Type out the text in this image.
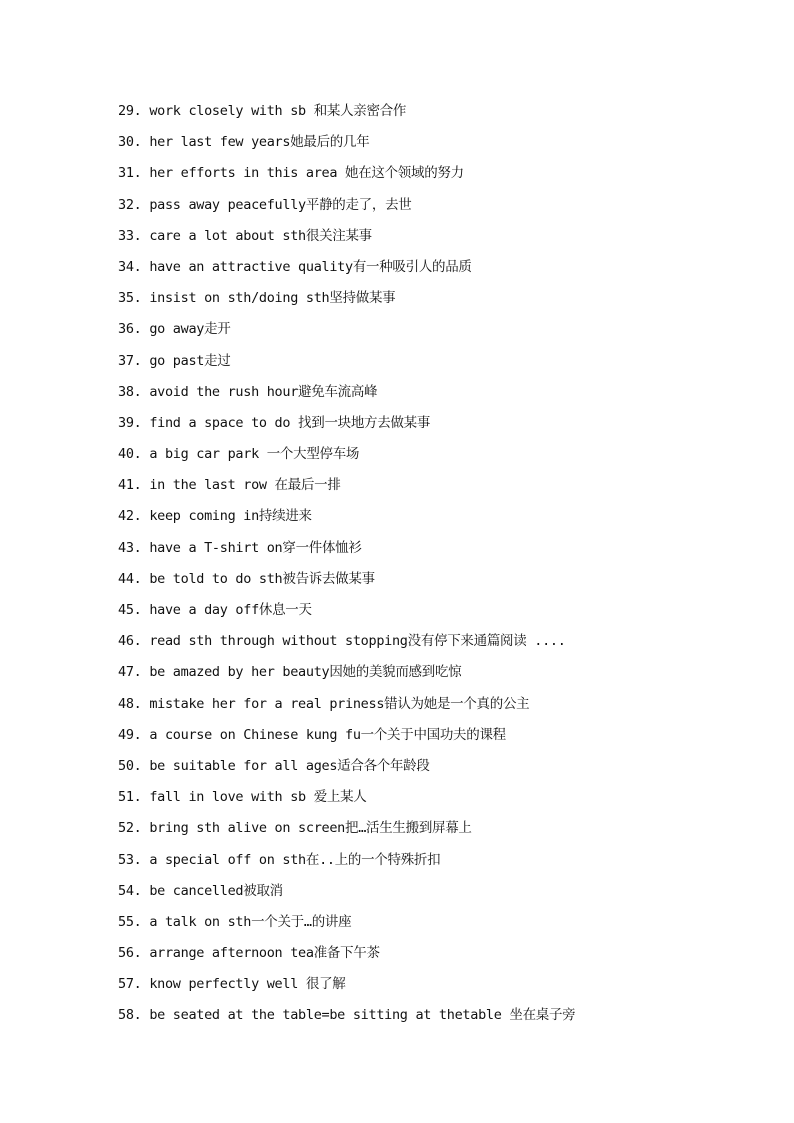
29. work closely with sb 和某人亲密合作
30. her last few years她最后的几年
31. her efforts in this area 她在这个领域的努力
32. pass away peacefully平静的走了，去世
33. care a lot about sth很关注某事
34. have an attractive quality有一种吸引人的品质
35. insist on sth/doing sth坚持做某事
36. go away走开
37. go past走过
38. avoid the rush hour避免车流高峰
39. find a space to do 找到一块地方去做某事
40. a big car park 一个大型停车场
41. in the last row 在最后一排
42. keep coming in持续进来
43. have a T-shirt on穿一件体恤衫
44. be told to do sth被告诉去做某事
45. have a day off休息一天
46. read sth through without stopping没有停下来通篇阅读 ....
47. be amazed by her beauty因她的美貌而感到吃惊
48. mistake her for a real priness错认为她是一个真的公主
49. a course on Chinese kung fu一个关于中国功夫的课程
50. be suitable for all ages适合各个年龄段
51. fall in love with sb 爱上某人
52. bring sth alive on screen把…活生生搬到屏幕上
53. a special off on sth在..上的一个特殊折扣
54. be cancelled被取消
55. a talk on sth一个关于…的讲座
56. arrange afternoon tea准备下午茶
57. know perfectly well 很了解
58. be seated at the table=be sitting at thetable 坐在桌子旁
